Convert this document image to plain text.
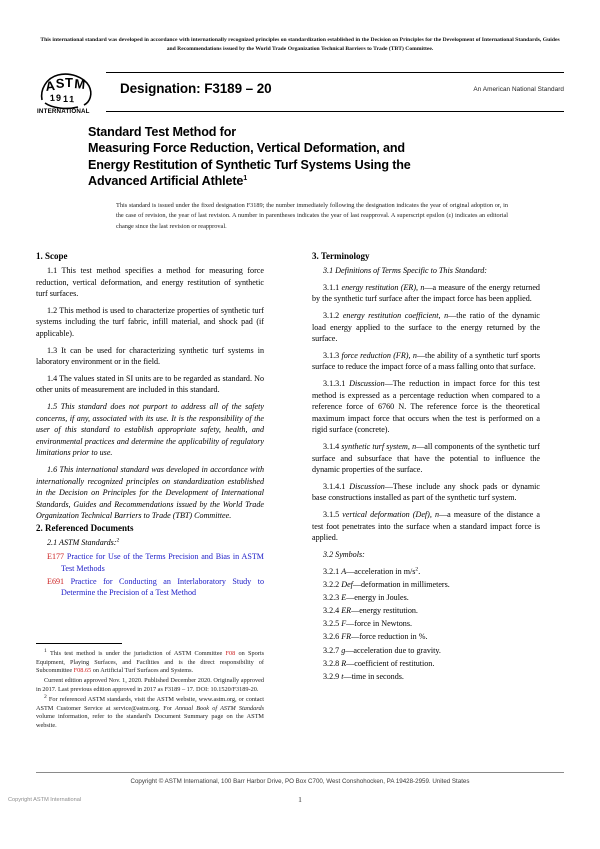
This international standard was developed in accordance with internationally recognized principles on standardization established in the Decision on Principles for the Development of International Standards, Guides and Recommendations issued by the World Trade Organization Technical Barriers to Trade (TBT) Committee.
A S T M
1 9 1 1
INTERNATIONAL
Designation: F3189 – 20	An American National Standard
Standard Test Method for
Measuring Force Reduction, Vertical Deformation, and
Energy Restitution of Synthetic Turf Systems Using the
Advanced Artificial Athlete$^1$
This standard is issued under the fixed designation F3189; the number immediately following the designation indicates the year of original adoption or, in the case of revision, the year of last revision. A number in parentheses indicates the year of last reapproval. A superscript epsilon (ε) indicates an editorial change since the last revision or reapproval.
1. Scope

1.1 This test method specifies a method for measuring force reduction, vertical deformation, and energy restitution of synthetic turf surfaces.

1.2 This method is used to characterize properties of synthetic turf systems including the turf fabric, infill material, and shock pad (if applicable).

1.3 It can be used for characterizing synthetic turf systems in laboratory environment or in the field.

1.4 The values stated in SI units are to be regarded as standard. No other units of measurement are included in this standard.

1.5 This standard does not purport to address all of the safety concerns, if any, associated with its use. It is the responsibility of the user of this standard to establish appropriate safety, health, and environmental practices and determine the applicability of regulatory limitations prior to use.

1.6 This international standard was developed in accordance with internationally recognized principles on standardization established in the Decision on Principles for the Development of International Standards, Guides and Recommendations issued by the World Trade Organization Technical Barriers to Trade (TBT) Committee.

2. Referenced Documents

2.1 ASTM Standards:$^2$

E177 Practice for Use of the Terms Precision and Bias in ASTM Test Methods

E691 Practice for Conducting an Interlaboratory Study to Determine the Precision of a Test Method

3. Terminology

3.1 Definitions of Terms Specific to This Standard:

3.1.1 energy restitution (ER), n—a measure of the energy returned by the synthetic turf surface after the impact force has been applied.

3.1.2 energy restitution coefficient, n—the ratio of the dynamic load energy applied to the surface to the energy returned by the surface.

3.1.3 force reduction (FR), n—the ability of a synthetic turf sports surface to reduce the impact force of a mass falling onto that surface.

3.1.3.1 Discussion—The reduction in impact force for this test method is expressed as a percentage reduction when compared to a reference force of 6760 N. The reference force is the theoretical maximum impact force that occurs when the test is performed on a rigid surface (concrete).

3.1.4 synthetic turf system, n—all components of the synthetic turf surface and subsurface that have the potential to influence the dynamic properties of the surface.

3.1.4.1 Discussion—These include any shock pads or dynamic base constructions installed as part of the synthetic turf system.

3.1.5 vertical deformation (Def), n—a measure of the distance a test foot penetrates into the surface when a standard impact force is applied.

3.2 Symbols:

3.2.1 A—acceleration in m/s$^2$.

3.2.2 Def—deformation in millimeters.

3.2.3 E—energy in Joules.

3.2.4 ER—energy restitution.

3.2.5 F—force in Newtons.

3.2.6 FR—force reduction in %.

3.2.7 g—acceleration due to gravity.

3.2.8 R—coefficient of restitution.

3.2.9 t—time in seconds.

$^1$ This test method is under the jurisdiction of ASTM Committee F08 on Sports Equipment, Playing Surfaces, and Facilities and is the direct responsibility of Subcommittee F08.65 on Artificial Turf Surfaces and Systems.

Current edition approved Nov. 1, 2020. Published December 2020. Originally approved in 2017. Last previous edition approved in 2017 as F3189 – 17. DOI: 10.1520/F3189-20.

$^2$ For referenced ASTM standards, visit the ASTM website, www.astm.org, or contact ASTM Customer Service at service@astm.org. For Annual Book of ASTM Standards volume information, refer to the standard's Document Summary page on the ASTM website.

Copyright © ASTM International, 100 Barr Harbor Drive, PO Box C700, West Conshohocken, PA 19428-2959. United States
Copyright ASTM International	1
